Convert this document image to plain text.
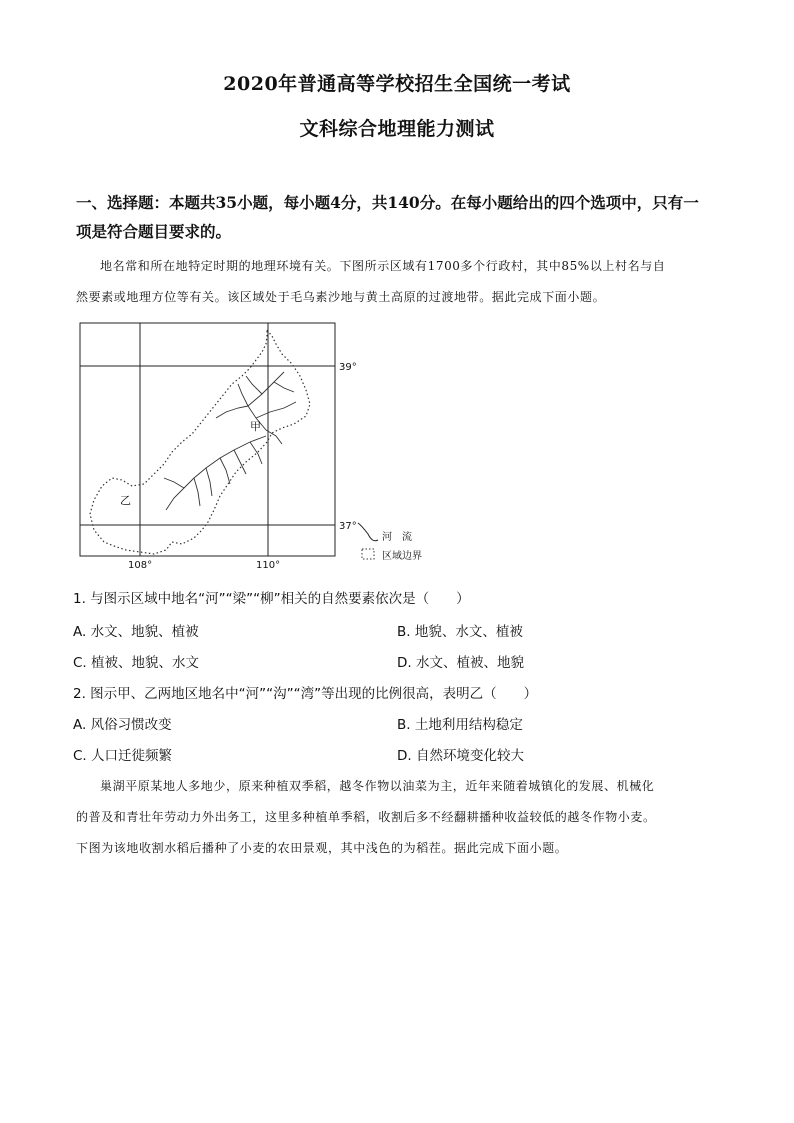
2020年普通高等学校招生全国统一考试
文科综合地理能力测试
一、选择题：本题共35小题，每小题4分，共140分。在每小题给出的四个选项中，只有一
项是符合题目要求的。
地名常和所在地特定时期的地理环境有关。下图所示区域有1700多个行政村，其中85%以上村名与自
然要素或地理方位等有关。该区域处于毛乌素沙地与黄土高原的过渡地带。据此完成下面小题。
甲
乙
39°
37°
108°	110°
河　流
区域边界
1. 与图示区域中地名“河”“梁”“柳”相关的自然要素依次是（　　）
A. 水文、地貌、植被	B. 地貌、水文、植被
C. 植被、地貌、水文	D. 水文、植被、地貌
2. 图示甲、乙两地区地名中“河”“沟”“湾”等出现的比例很高，表明乙（　　）
A. 风俗习惯改变	B. 土地利用结构稳定
C. 人口迁徙频繁	D. 自然环境变化较大
巢湖平原某地人多地少，原来种植双季稻，越冬作物以油菜为主，近年来随着城镇化的发展、机械化
的普及和青壮年劳动力外出务工，这里多种植单季稻，收割后多不经翻耕播种收益较低的越冬作物小麦。
下图为该地收割水稻后播种了小麦的农田景观，其中浅色的为稻茬。据此完成下面小题。
